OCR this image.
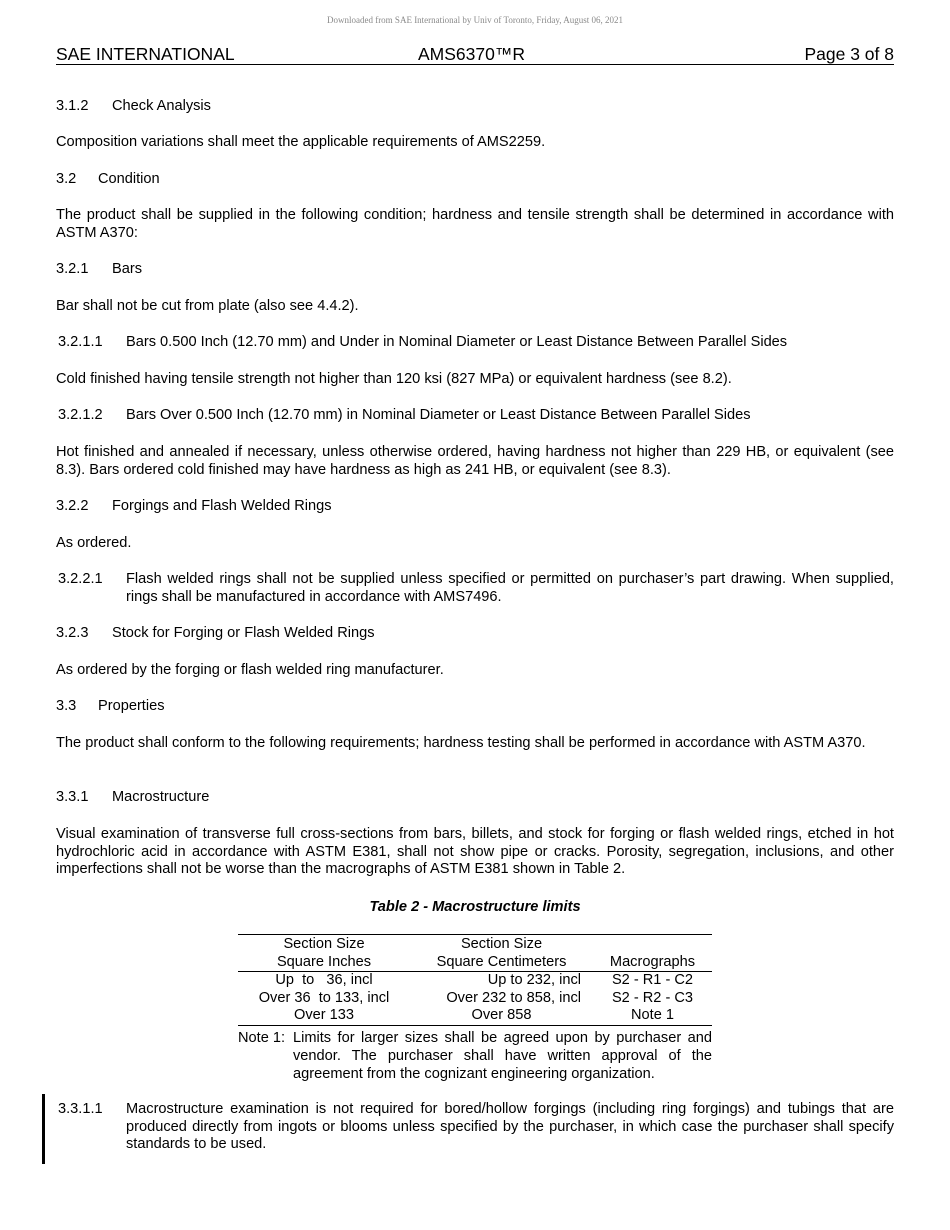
Downloaded from SAE International by Univ of Toronto, Friday, August 06, 2021
SAE INTERNATIONAL	AMS6370™R	Page 3 of 8
3.1.2 Check Analysis
Composition variations shall meet the applicable requirements of AMS2259.
3.2 Condition
The product shall be supplied in the following condition; hardness and tensile strength shall be determined in accordance with ASTM A370:
3.2.1 Bars
Bar shall not be cut from plate (also see 4.4.2).
3.2.1.1 Bars 0.500 Inch (12.70 mm) and Under in Nominal Diameter or Least Distance Between Parallel Sides
Cold finished having tensile strength not higher than 120 ksi (827 MPa) or equivalent hardness (see 8.2).
3.2.1.2 Bars Over 0.500 Inch (12.70 mm) in Nominal Diameter or Least Distance Between Parallel Sides
Hot finished and annealed if necessary, unless otherwise ordered, having hardness not higher than 229 HB, or equivalent (see 8.3). Bars ordered cold finished may have hardness as high as 241 HB, or equivalent (see 8.3).
3.2.2 Forgings and Flash Welded Rings
As ordered.
3.2.2.1 Flash welded rings shall not be supplied unless specified or permitted on purchaser’s part drawing. When supplied, rings shall be manufactured in accordance with AMS7496.
3.2.3 Stock for Forging or Flash Welded Rings
As ordered by the forging or flash welded ring manufacturer.
3.3 Properties
The product shall conform to the following requirements; hardness testing shall be performed in accordance with ASTM A370.
3.3.1 Macrostructure
Visual examination of transverse full cross-sections from bars, billets, and stock for forging or flash welded rings, etched in hot hydrochloric acid in accordance with ASTM E381, shall not show pipe or cracks. Porosity, segregation, inclusions, and other imperfections shall not be worse than the macrographs of ASTM E381 shown in Table 2.
Table 2 - Macrostructure limits
Section Size	Section Size	
Square Inches	Square Centimeters	Macrographs
Up  to   36, incl	Up to 232, incl	S2 - R1 - C2
Over 36  to 133, incl	Over 232 to 858, incl	S2 - R2 - C3
Over 133	Over 858	Note 1
Note 1: Limits for larger sizes shall be agreed upon by purchaser and vendor. The purchaser shall have written approval of the agreement from the cognizant engineering organization.
3.3.1.1 Macrostructure examination is not required for bored/hollow forgings (including ring forgings) and tubings that are produced directly from ingots or blooms unless specified by the purchaser, in which case the purchaser shall specify standards to be used.
